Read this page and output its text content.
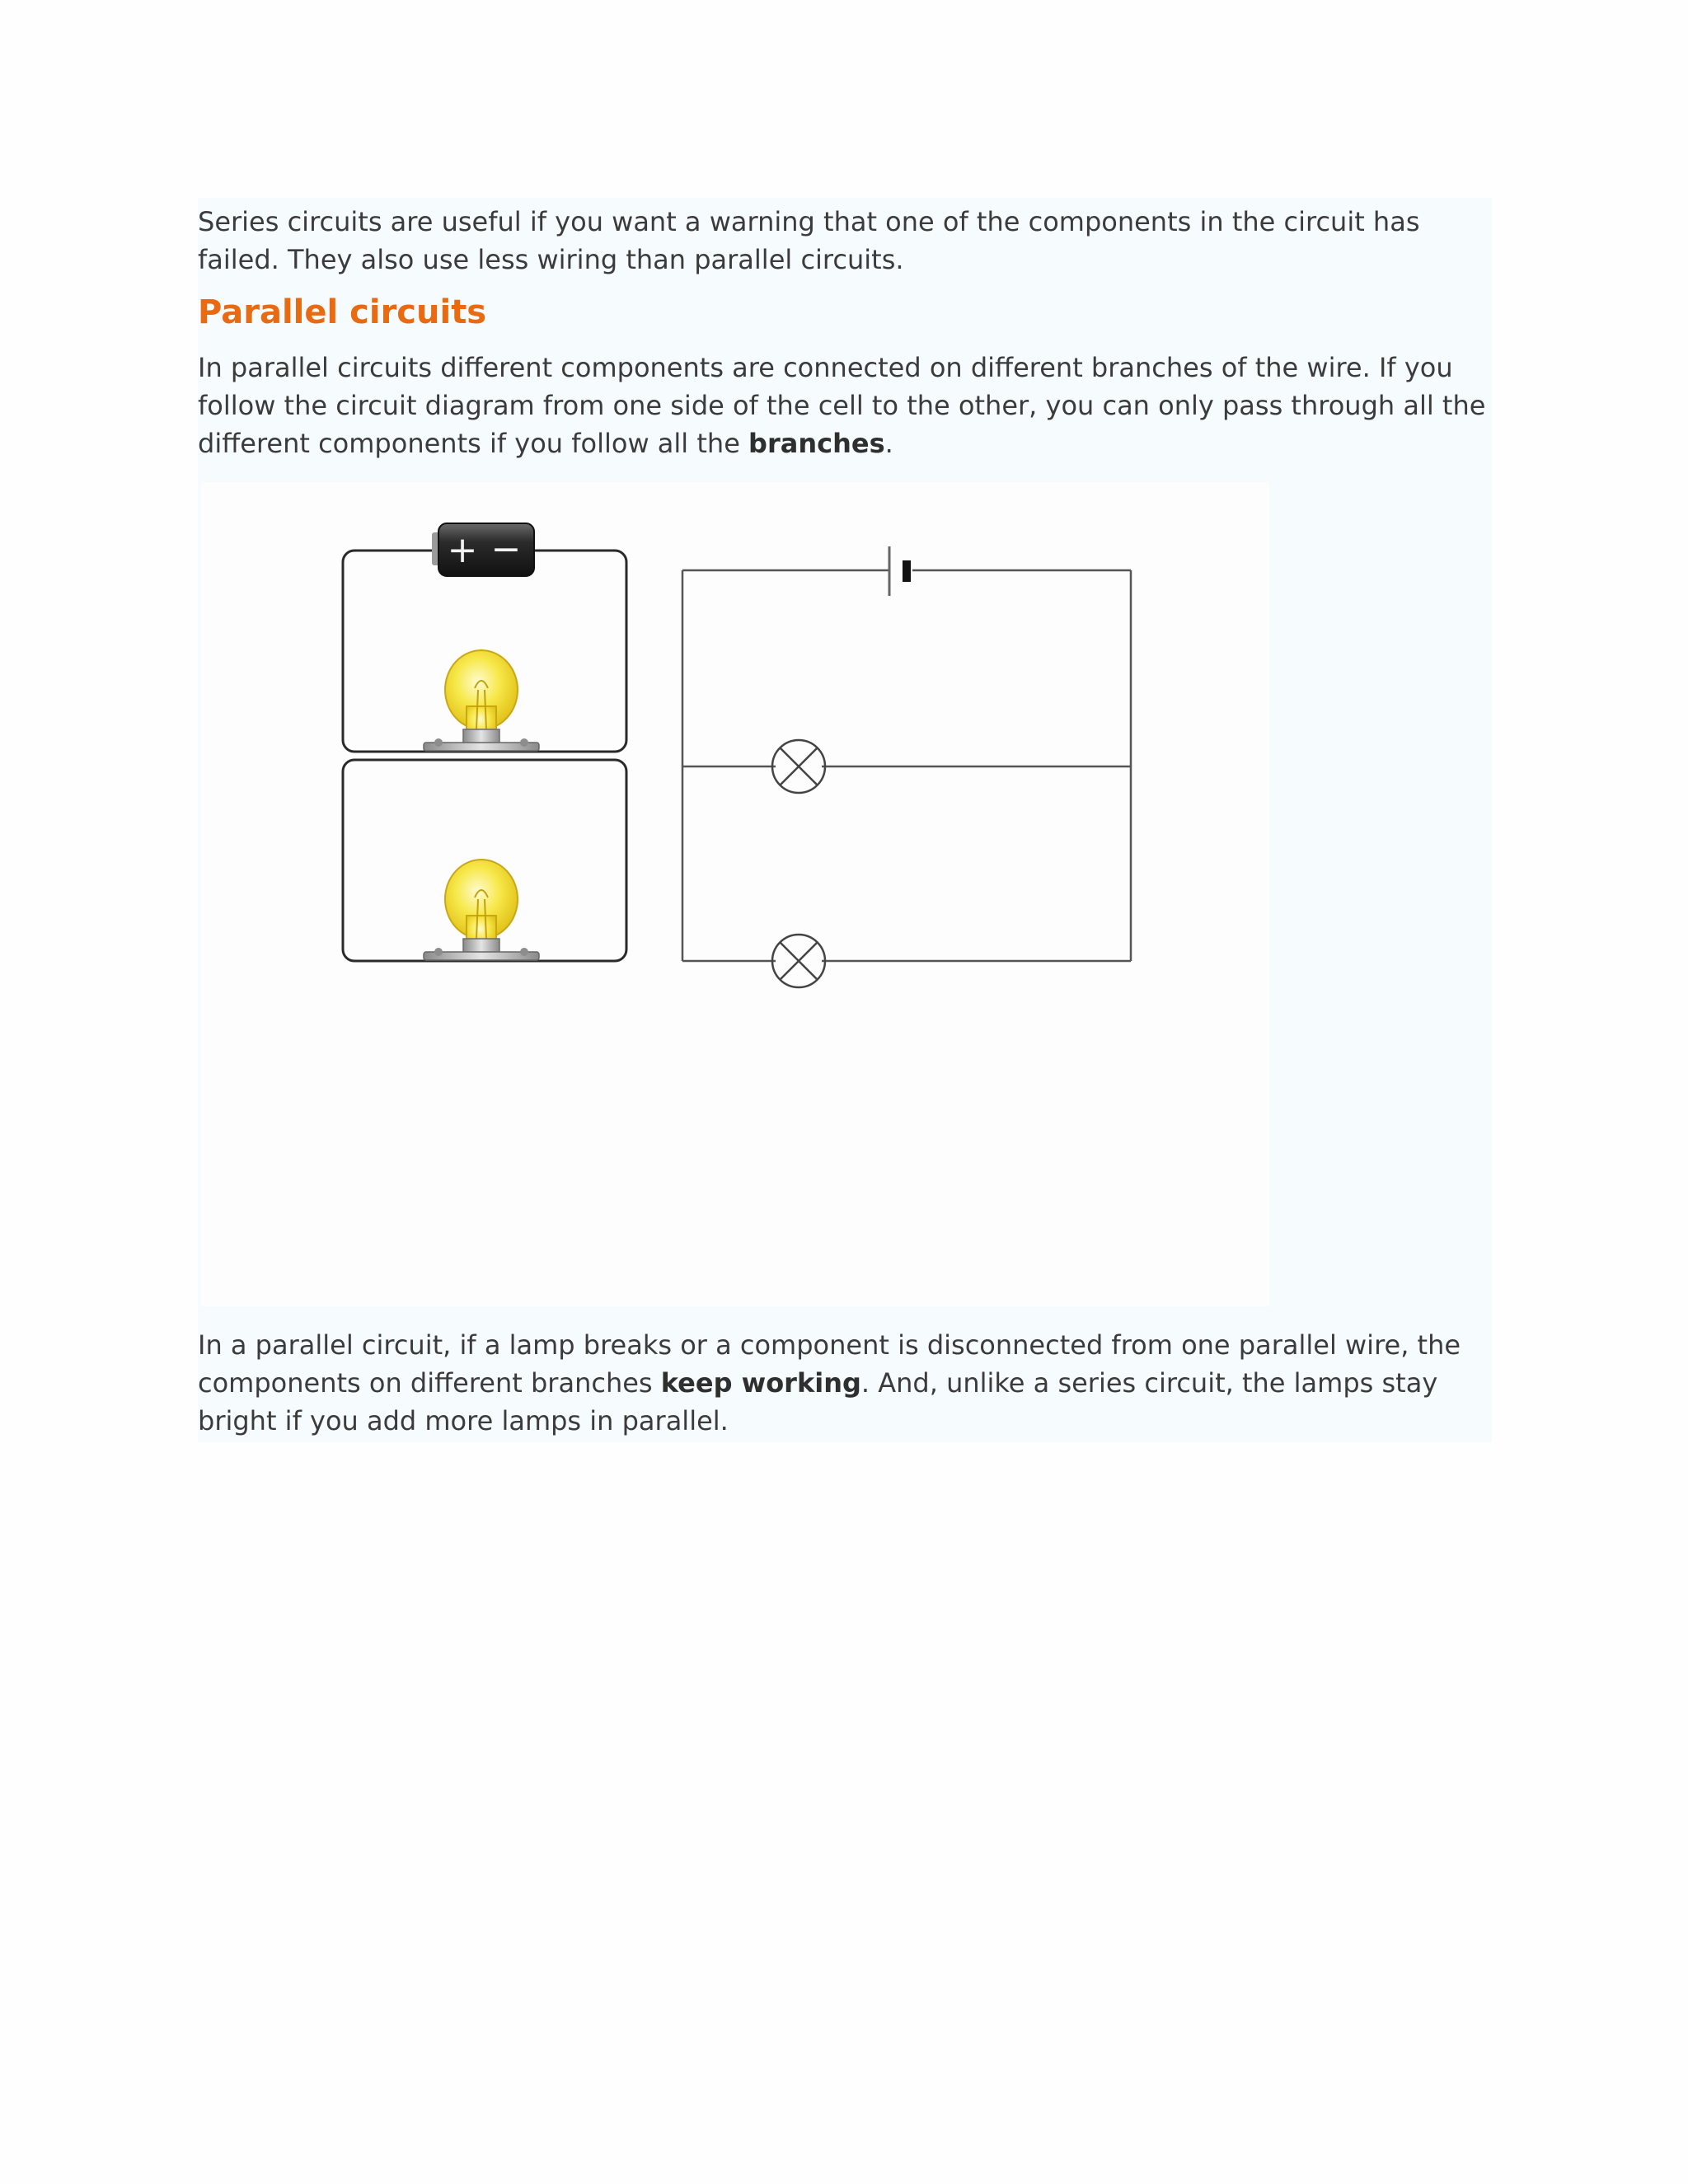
Series circuits are useful if you want a warning that one of the components in the circuit has failed. They also use less wiring than parallel circuits.

Parallel circuits

In parallel circuits different components are connected on different branches of the wire. If you follow the circuit diagram from one side of the cell to the other, you can only pass through all the different components if you follow all the branches.

+ −

In a parallel circuit, if a lamp breaks or a component is disconnected from one parallel wire, the components on different branches keep working. And, unlike a series circuit, the lamps stay bright if you add more lamps in parallel.
